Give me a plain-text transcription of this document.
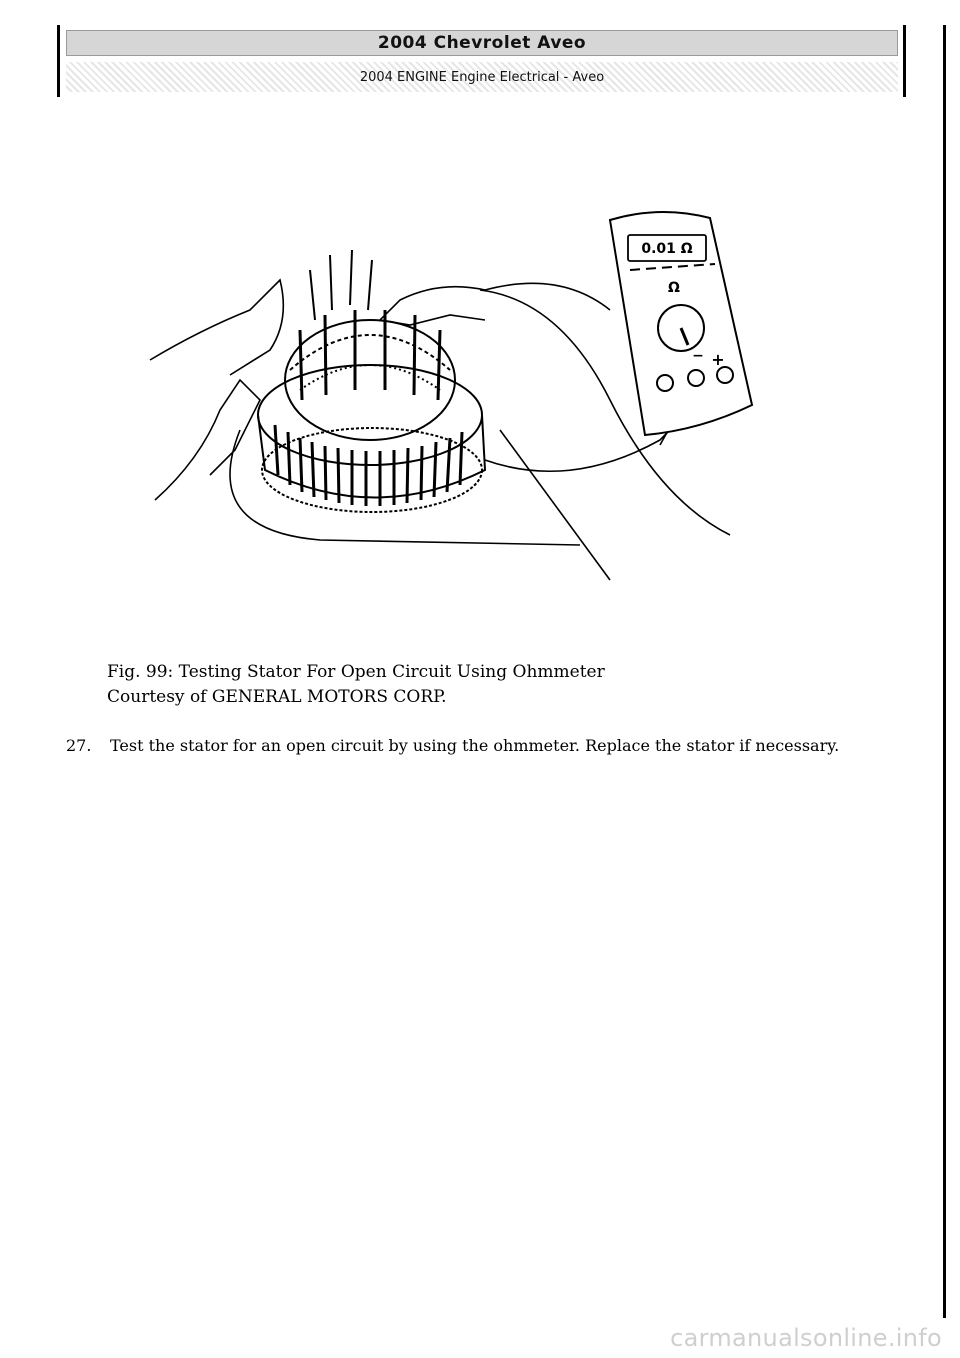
2004 Chevrolet Aveo
2004 ENGINE Engine Electrical - Aveo
0.01 Ω
Ω
− +
Fig. 99: Testing Stator For Open Circuit Using Ohmmeter
Courtesy of GENERAL MOTORS CORP.
27. Test the stator for an open circuit by using the ohmmeter. Replace the stator if necessary.
carmanualsonline.info
